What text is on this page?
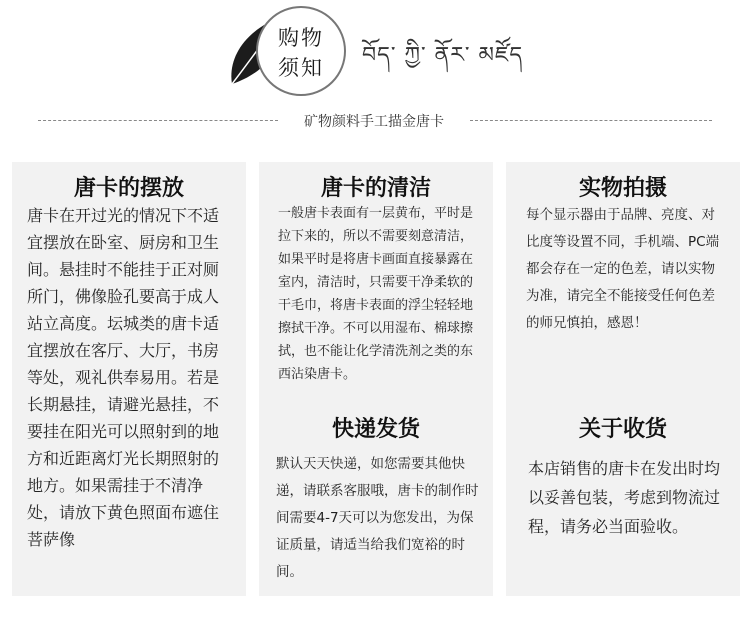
购物
须知	བོད་ ཀྱི་ ནོར་ མཛོད
矿物颜料手工描金唐卡
唐卡的摆放
唐卡在开过光的情况下不适宜摆放在卧室、厨房和卫生间。悬挂时不能挂于正对厕所门，佛像脸孔要高于成人站立高度。坛城类的唐卡适宜摆放在客厅、大厅，书房等处，观礼供奉易用。若是长期悬挂，请避光悬挂，不要挂在阳光可以照射到的地方和近距离灯光长期照射的地方。如果需挂于不清净处，请放下黄色照面布遮住菩萨像
唐卡的清洁
一般唐卡表面有一层黄布，平时是拉下来的，所以不需要刻意清洁，如果平时是将唐卡画面直接暴露在室内，清洁时，只需要干净柔软的干毛巾，将唐卡表面的浮尘轻轻地擦拭干净。不可以用湿布、棉球擦拭，也不能让化学清洗剂之类的东西沾染唐卡。
快递发货
默认天天快递，如您需要其他快递，请联系客服哦，唐卡的制作时间需要4-7天可以为您发出，为保证质量，请适当给我们宽裕的时间。
实物拍摄
每个显示器由于品牌、亮度、对比度等设置不同，手机端、PC端都会存在一定的色差，请以实物为准，请完全不能接受任何色差的师兄慎拍，感恩！
关于收货
本店销售的唐卡在发出时均以妥善包装，考虑到物流过程，请务必当面验收。
